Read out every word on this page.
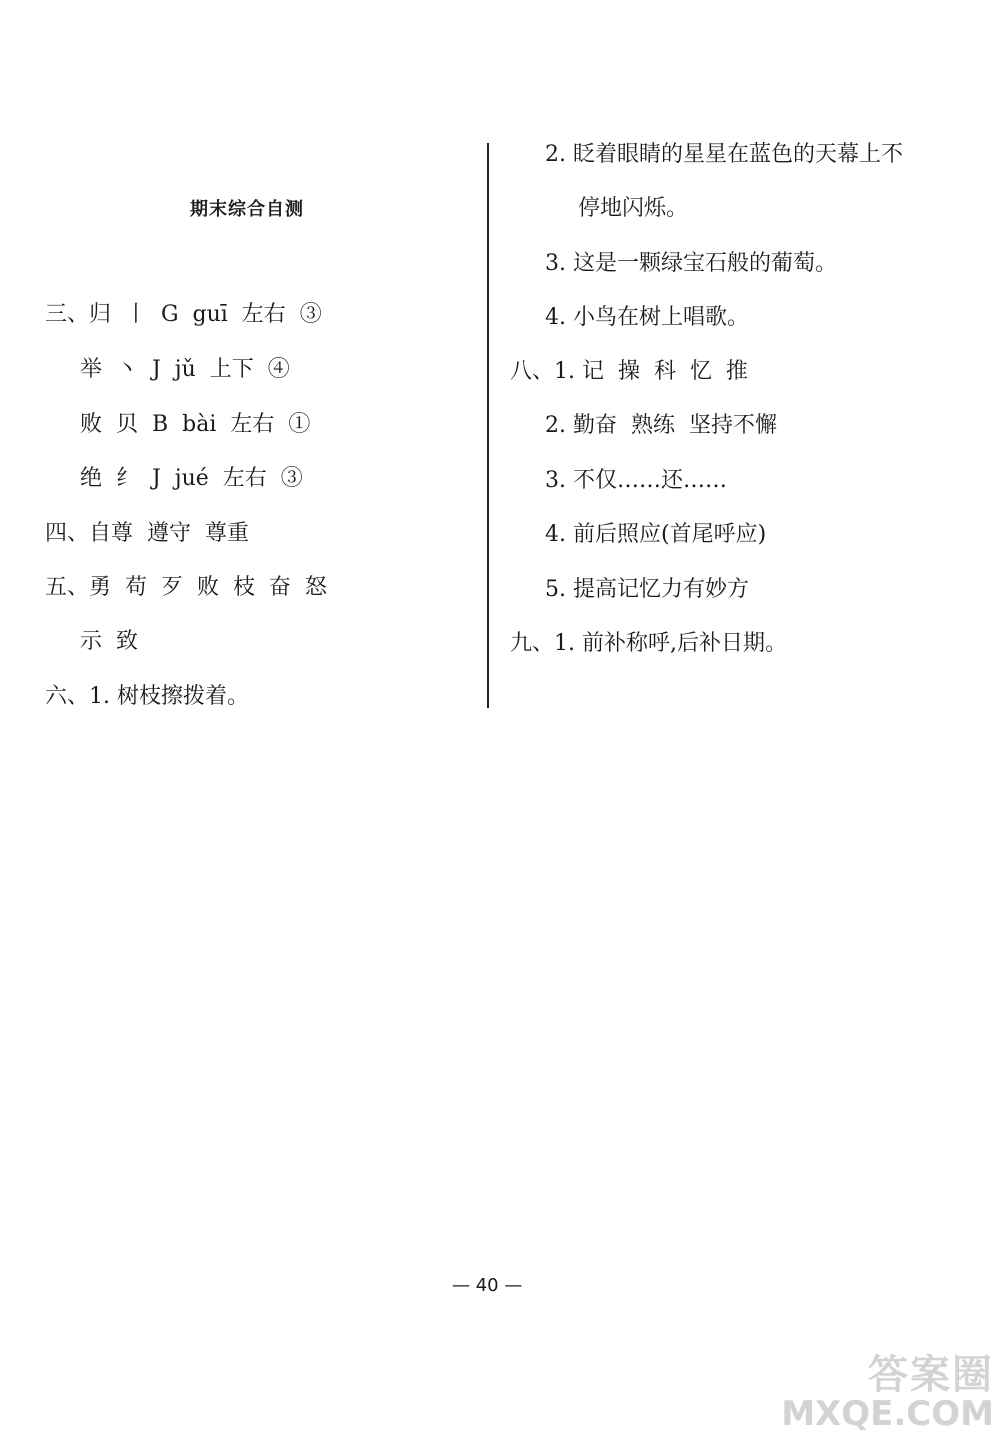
期末综合自测
三、归  丨  G  guī  左右  ③
举  丶  J  jǔ  上下  ④
败  贝  B  bài  左右  ①
绝  纟  J  jué  左右  ③
四、自尊  遵守  尊重
五、勇  苟  歹  败  枝  奋  怒
示  致
六、1. 树枝擦拨着。
2. 眨着眼睛的星星在蓝色的天幕上不
停地闪烁。
3. 这是一颗绿宝石般的葡萄。
4. 小鸟在树上唱歌。
八、1. 记  操  科  忆  推
2. 勤奋  熟练  坚持不懈
3. 不仅……还……
4. 前后照应(首尾呼应)
5. 提高记忆力有妙方
九、1. 前补称呼,后补日期。
— 40 —
答案圈
MXQE.COM
